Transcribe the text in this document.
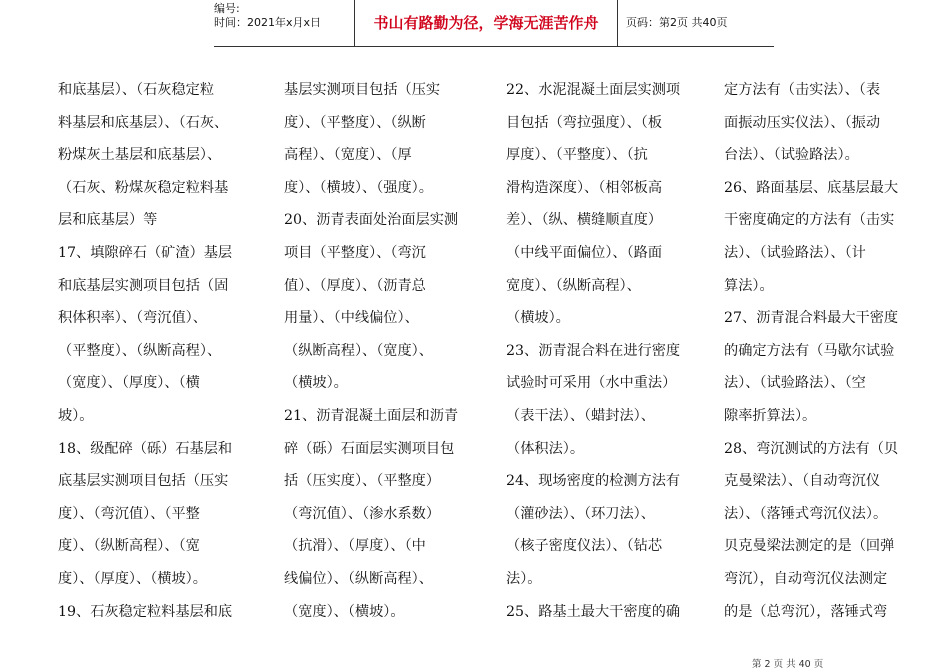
编号:
时间：2021年x月x日	书山有路勤为径，学海无涯苦作舟	页码：第2页 共40页
和底基层）、（石灰稳定粒
料基层和底基层）、（石灰、
粉煤灰土基层和底基层）、
（石灰、粉煤灰稳定粒料基
层和底基层）等
17、填隙碎石（矿渣）基层
和底基层实测项目包括（固
积体积率）、（弯沉值）、
（平整度）、（纵断高程）、
（宽度）、（厚度）、（横
坡）。
18、级配碎（砾）石基层和
底基层实测项目包括（压实
度）、（弯沉值）、（平整
度）、（纵断高程）、（宽
度）、（厚度）、（横坡）。
19、石灰稳定粒料基层和底
基层实测项目包括（压实
度）、（平整度）、（纵断
高程）、（宽度）、（厚
度）、（横坡）、（强度）。
20、沥青表面处治面层实测
项目（平整度）、（弯沉
值）、（厚度）、（沥青总
用量）、（中线偏位）、
（纵断高程）、（宽度）、
（横坡）。
21、沥青混凝土面层和沥青
碎（砾）石面层实测项目包
括（压实度）、（平整度）
（弯沉值）、（渗水系数）
（抗滑）、（厚度）、（中
线偏位）、（纵断高程）、
（宽度）、（横坡）。
22、水泥混凝土面层实测项
目包括（弯拉强度）、（板
厚度）、（平整度）、（抗
滑构造深度）、（相邻板高
差）、（纵、横缝顺直度）
（中线平面偏位）、（路面
宽度）、（纵断高程）、
（横坡）。
23、沥青混合料在进行密度
试验时可采用（水中重法）
（表干法）、（蜡封法）、
（体积法）。
24、现场密度的检测方法有
（灌砂法）、（环刀法）、
（核子密度仪法）、（钻芯
法）。
25、路基土最大干密度的确
定方法有（击实法）、（表
面振动压实仪法）、（振动
台法）、（试验路法）。
26、路面基层、底基层最大
干密度确定的方法有（击实
法）、（试验路法）、（计
算法）。
27、沥青混合料最大干密度
的确定方法有（马歇尔试验
法）、（试验路法）、（空
隙率折算法）。
28、弯沉测试的方法有（贝
克曼梁法）、（自动弯沉仪
法）、（落锤式弯沉仪法）。
贝克曼梁法测定的是（回弹
弯沉），自动弯沉仪法测定
的是（总弯沉），落锤式弯
第 2 页 共 40 页
